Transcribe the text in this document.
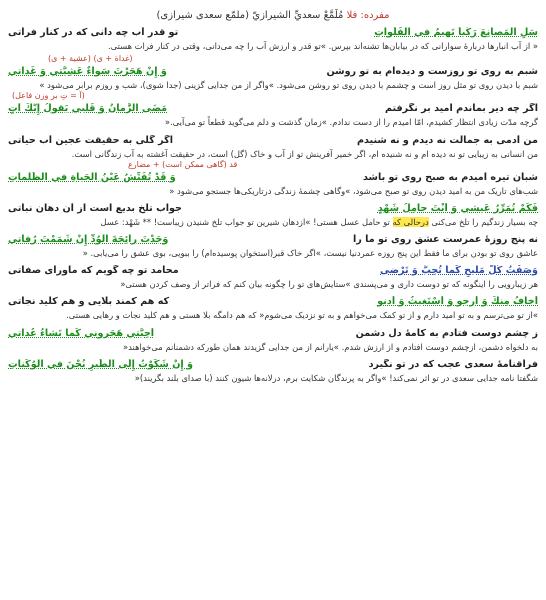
مفرده: فلا مُلَمَّعْ سعديِّ الشيرازيّ (ملمّع سعدی شیرازی)
سَلِ المَصانِعَ رَكْباً تَهيمُ في الفَلَواتِ
تو قدر آب چه دانی که در کنار فراتی

« از آب انبارها دربارهٔ سوارانی که در بیابان‌ها تشنه‌اند بپرس. »تو قدر و ارزش آب را چه می‌دانی، وقتی در کنار فرات هستی.

(غداة + ی) (عشیة + ی)
شبم به روی تو روزست و دیده‌ام به تو روشن
وَ إِنْ هَجَرْتَ سَواءٌ عَشِيَّتي وَ غَداتي

شبم با دیدن روی تو مثل روز است و چشمم با دیدن روی تو روشن می‌شود. »واگر از من جدایی گزینی (جدا شوی)، شب و روزم برابر می‌شود »

(آ = تِ بر وزن فاعل)
اگر چه دیر بماندم امید بر نگرفتم
مَضَى الزَّمانُ وَ قَلبي يَقولُ إِنَّكَ آتٍ

گرچه مدّت زیادی انتظار کشیدم، امّا امیدم را از دست ندادم. »زمان گذشت و دلم می‌گوید قطعاً تو می‌آیی.«

من آدمی به جمالت نه دیدم و نه شنیدم
اگر گلی به حقیقت عجین آب حیاتی

من انسانی به زیبایی تو نه دیده ام و نه شنیده ام، اگر خمیر آفرینش تو از آب و خاک (گل) است، در حقیقت آغشته به آب زندگانی است.

قد (گاهی ممکن است) + مضارع
شبان تیره امیدم به صبح روی تو باشد
وَ قَدْ تُفَتِّشُ عَيْنُ الحَياةِ في الظُّلُماتِ

شب‌های تاریک من به امید دیدن روی تو صبح می‌شود، »وگاهی چشمهٔ زندگی درتاریکی‌ها جستجو می‌شود «

فَكَمْ تُمَرِّرُ عَيشي وَ أَنْتَ حامِلُ شَهْدٍ
جواب تلخ بدیع است از آن دهان نباتی

چه بسیار زندگیم را تلخ می‌کنی درحالی که تو حامل عسل هستی! »ازدهان شیرین تو جواب تلخ شنیدن زیباست! ** شَهْد: عسل

نه پنج روزهٔ عمرست عشق روی تو ما را
وَجَدْتَ رائِحَةَ الوُدِّ إِنْ شَمَمْتَ رُفاتي

عاشق روی تو بودن برای ما فقط این پنج روزه عمردنیا نیست، »اگر خاک قبر(استخوان پوسیده‌ام) را ببویی، بوی عشق را می‌یابی. «

وَصَفْتُ كُلَّ مَليحٍ كَما تُحِبُّ وَ تَرْضى
محامد تو چه گویم که ماورای صفاتی

هر زیبارویی را اینگونه که تو دوست داری و می‌پسندی »ستایش‌های تو را چگونه بیان کنم که فراتر از وصف کردن هستی«

أَخافُ مِنكَ وَ أَرجو وَ أَسْتَغيثُ وَ أَدنو
که هم کمند بلایی و هم کلید نجاتی

»از تو می‌ترسم و به تو امید دارم و از تو کمک می‌خواهم و به تو نزدیک می‌شوم« که هم دامگه بلا هستی و هم کلید نجات و رهایی هستی.

ز چشم دوست فتادم به کامهٔ دل دشمن
أُحِبَّتي هَجَروني كَما تَشاءُ عُداتي

به دلخواه دشمن، ازچشم دوست افتادم و از ارزش شدم. »یارانم از من جدایی گزیدند همان طورکه دشمنانم می‌خواهند«

فراقنامهٔ سعدی عجب که در تو نگیرد
وَ إِنْ شَكَوْتُ إِلَى الطَّيرِ نُحْنَ في الوُكَناتِ

شگفتا نامه جدایی سعدی در تو اثر نمی‌کند! »واگر به پرندگان شکایت برم، درلانه‌ها شیون کنند (با صدای بلند بگریند)«
